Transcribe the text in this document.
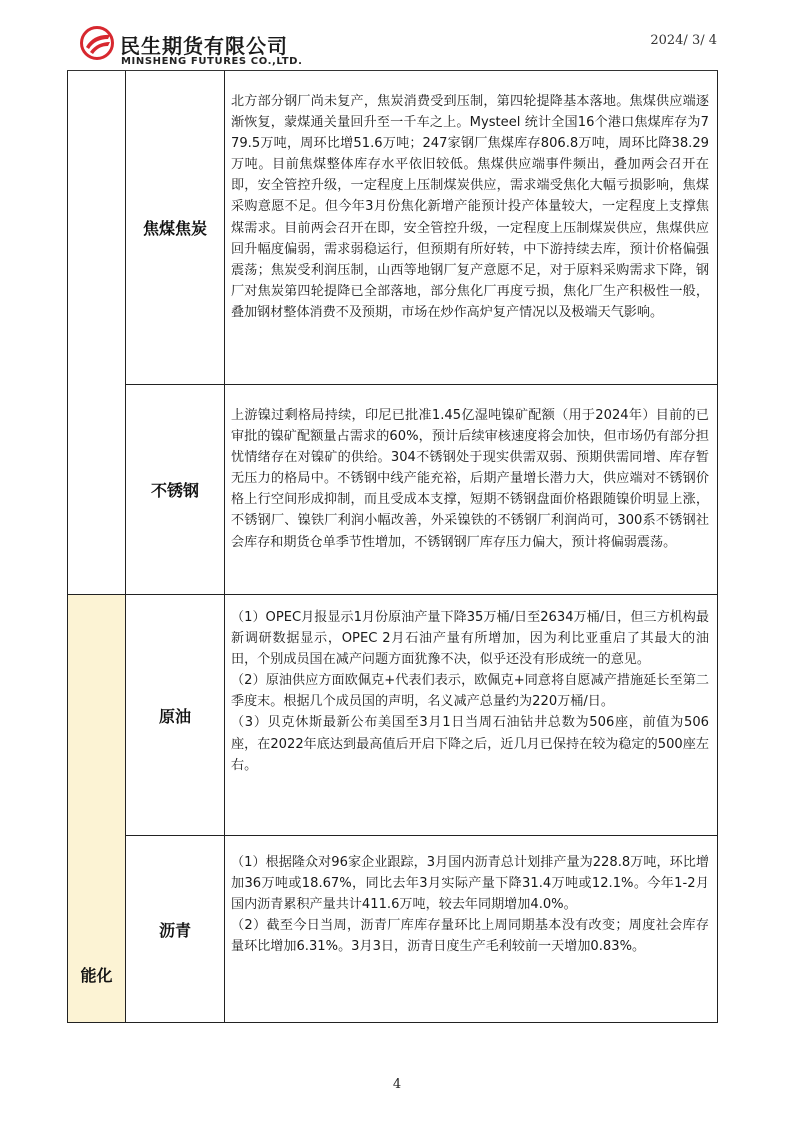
民生期货有限公司
MINSHENG FUTURES CO.,LTD.
2024/ 3/ 4
焦煤焦炭

北方部分钢厂尚未复产，焦炭消费受到压制，第四轮提降基本落地。焦煤供应端逐渐恢复，蒙煤通关量回升至一千车之上。Mysteel 统计全国16个港口焦煤库存为779.5万吨，周环比增51.6万吨；247家钢厂焦煤库存806.8万吨，周环比降38.29万吨。目前焦煤整体库存水平依旧较低。焦煤供应端事件频出，叠加两会召开在即，安全管控升级，一定程度上压制煤炭供应，需求端受焦化大幅亏损影响，焦煤采购意愿不足。但今年3月份焦化新增产能预计投产体量较大，一定程度上支撑焦煤需求。目前两会召开在即，安全管控升级，一定程度上压制煤炭供应，焦煤供应回升幅度偏弱，需求弱稳运行，但预期有所好转，中下游持续去库，预计价格偏强震荡；焦炭受利润压制，山西等地钢厂复产意愿不足，对于原料采购需求下降，钢厂对焦炭第四轮提降已全部落地，部分焦化厂再度亏损，焦化厂生产积极性一般，叠加钢材整体消费不及预期，市场在炒作高炉复产情况以及极端天气影响。

不锈钢

上游镍过剩格局持续，印尼已批准1.45亿湿吨镍矿配额（用于2024年）目前的已审批的镍矿配额量占需求的60%，预计后续审核速度将会加快，但市场仍有部分担忧情绪存在对镍矿的供给。304不锈钢处于现实供需双弱、预期供需同增、库存暂无压力的格局中。不锈钢中线产能充裕，后期产量增长潜力大，供应端对不锈钢价格上行空间形成抑制，而且受成本支撑，短期不锈钢盘面价格跟随镍价明显上涨，不锈钢厂、镍铁厂利润小幅改善，外采镍铁的不锈钢厂利润尚可，300系不锈钢社会库存和期货仓单季节性增加，不锈钢钢厂库存压力偏大，预计将偏弱震荡。

能化
原油

（1）OPEC月报显示1月份原油产量下降35万桶/日至2634万桶/日，但三方机构最新调研数据显示，OPEC 2月石油产量有所增加，因为利比亚重启了其最大的油田，个别成员国在减产问题方面犹豫不决，似乎还没有形成统一的意见。

（2）原油供应方面欧佩克+代表们表示，欧佩克+同意将自愿减产措施延长至第二季度末。根据几个成员国的声明，名义减产总量约为220万桶/日。

（3）贝克休斯最新公布美国至3月1日当周石油钻井总数为506座，前值为506座，在2022年底达到最高值后开启下降之后，近几月已保持在较为稳定的500座左右。

沥青

（1）根据隆众对96家企业跟踪，3月国内沥青总计划排产量为228.8万吨，环比增加36万吨或18.67%，同比去年3月实际产量下降31.4万吨或12.1%。今年1-2月国内沥青累积产量共计411.6万吨，较去年同期增加4.0%。

（2）截至今日当周，沥青厂库库存量环比上周同期基本没有改变；周度社会库存量环比增加6.31%。3月3日，沥青日度生产毛利较前一天增加0.83%。

4
